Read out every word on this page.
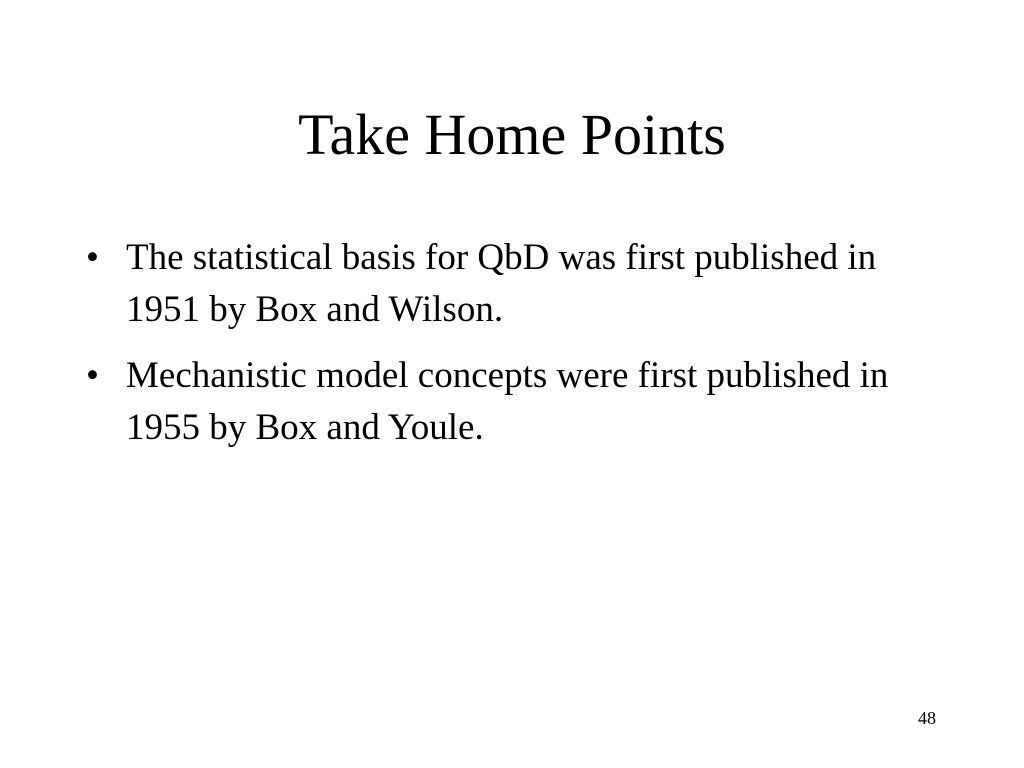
Take Home Points
• The statistical basis for QbD was first published in 1951 by Box and Wilson.
• Mechanistic model concepts were first published in 1955 by Box and Youle.
48
